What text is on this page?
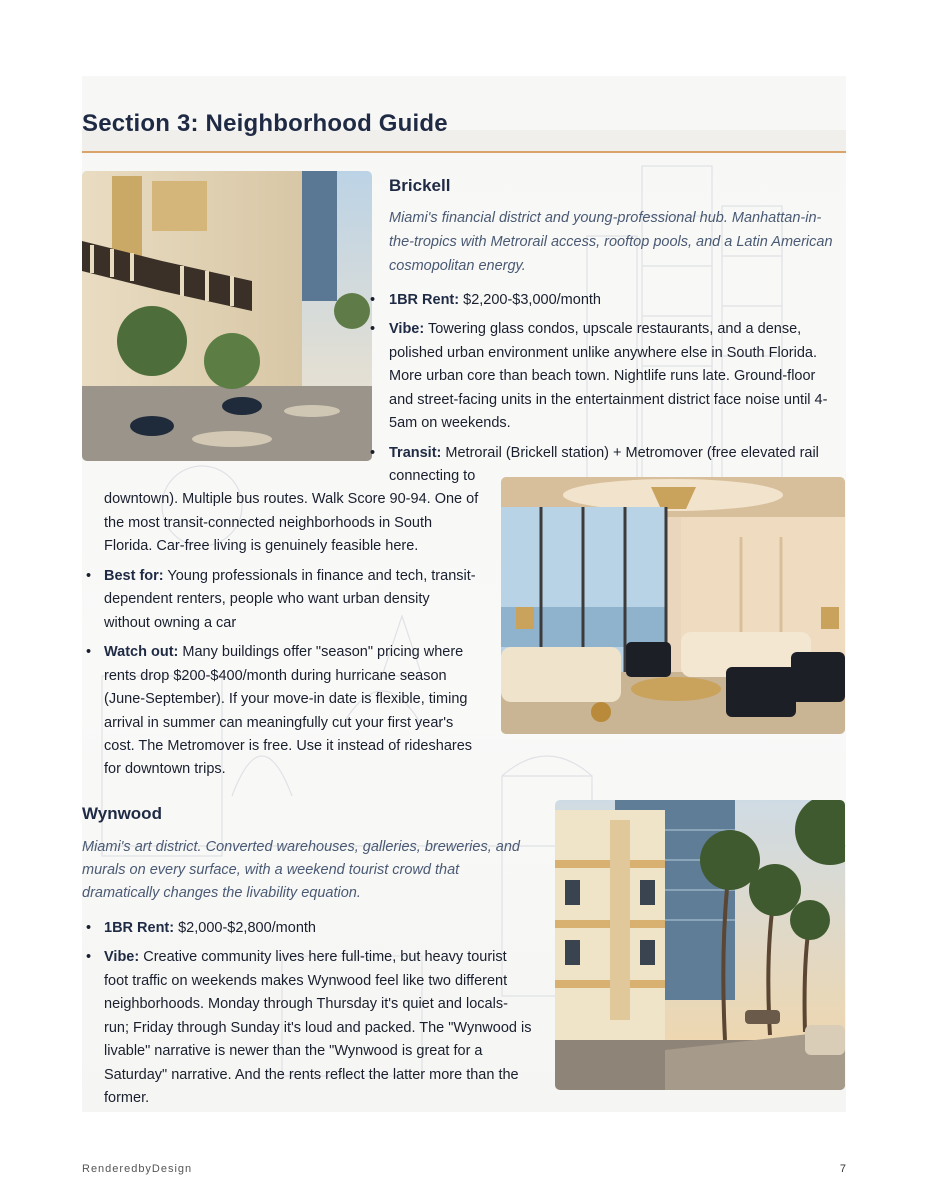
Section 3: Neighborhood Guide
Brickell

Miami's financial district and young-professional hub. Manhattan-in-

the-tropics with Metrorail access, rooftop pools, and a Latin American

cosmopolitan energy.

• 1BR Rent: $2,200-$3,000/month

• Vibe: Towering glass condos, upscale restaurants, and a dense,

polished urban environment unlike anywhere else in South Florida.

More urban core than beach town. Nightlife runs late. Ground-floor

and street-facing units in the entertainment district face noise until 4-

5am on weekends.

• Transit: Metrorail (Brickell station) + Metromover (free elevated rail

connecting to

downtown). Multiple bus routes. Walk Score 90-94. One of

the most transit-connected neighborhoods in South

Florida. Car-free living is genuinely feasible here.

• Best for: Young professionals in finance and tech, transit-

dependent renters, people who want urban density

without owning a car

• Watch out: Many buildings offer "season" pricing where

rents drop $200-$400/month during hurricane season

(June-September). If your move-in date is flexible, timing

arrival in summer can meaningfully cut your first year's

cost. The Metromover is free. Use it instead of rideshares

for downtown trips.

Wynwood

Miami's art district. Converted warehouses, galleries, breweries, and

murals on every surface, with a weekend tourist crowd that

dramatically changes the livability equation.

• 1BR Rent: $2,000-$2,800/month

• Vibe: Creative community lives here full-time, but heavy tourist

foot traffic on weekends makes Wynwood feel like two different

neighborhoods. Monday through Thursday it's quiet and locals-

run; Friday through Sunday it's loud and packed. The "Wynwood is

livable" narrative is newer than the "Wynwood is great for a

Saturday" narrative. And the rents reflect the latter more than the

former.

RenderedbyDesign	7
